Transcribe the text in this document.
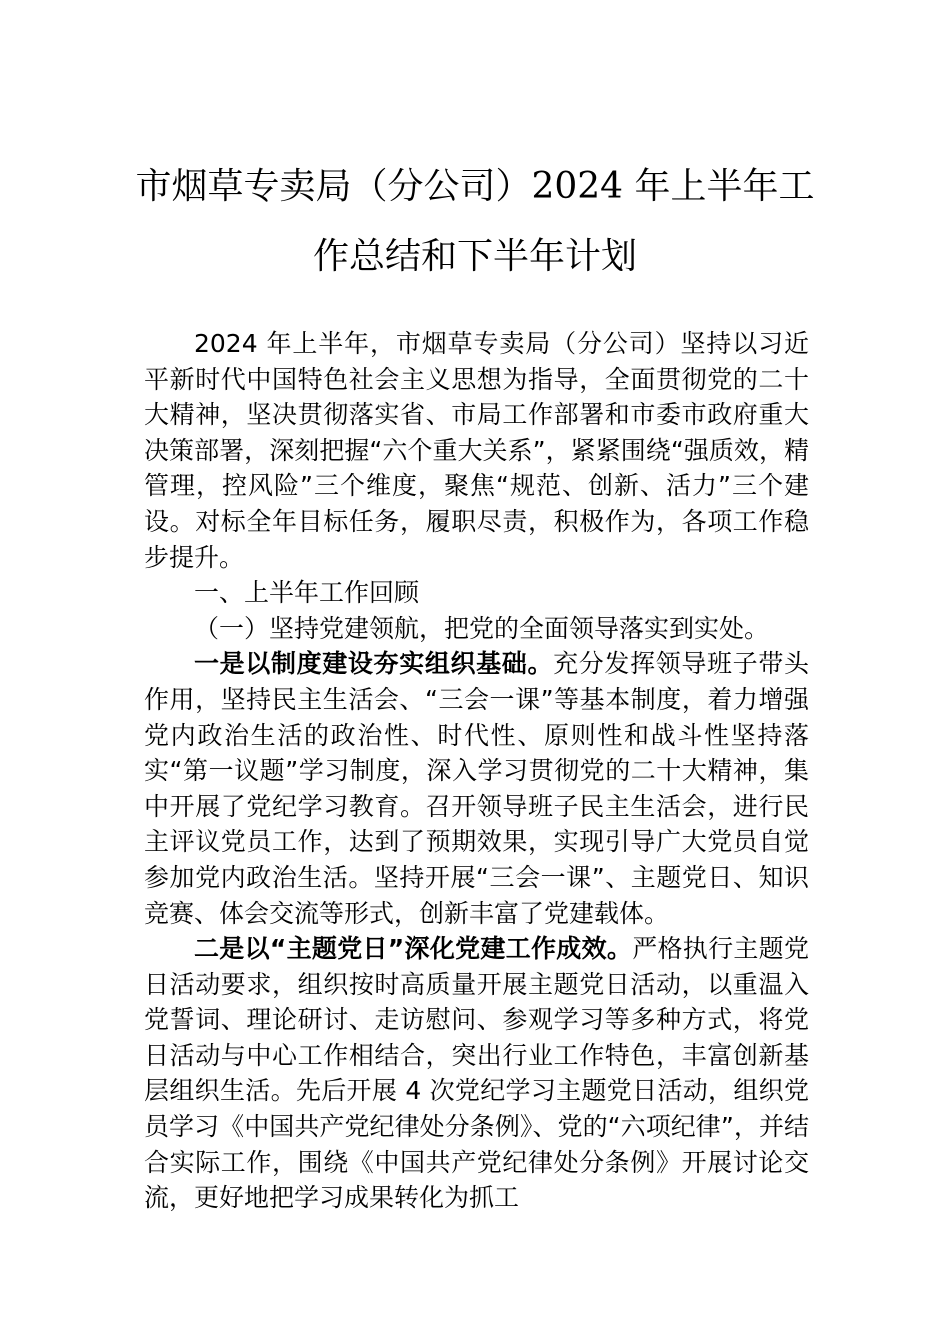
市烟草专卖局（分公司）2024 年上半年工
作总结和下半年计划

2024 年上半年，市烟草专卖局（分公司）坚持以习近平新时代中国特色社会主义思想为指导，全面贯彻党的二十大精神，坚决贯彻落实省、市局工作部署和市委市政府重大决策部署，深刻把握“六个重大关系”，紧紧围绕“强质效，精管理，控风险”三个维度，聚焦“规范、创新、活力”三个建设。对标全年目标任务，履职尽责，积极作为，各项工作稳步提升。

一、上半年工作回顾

（一）坚持党建领航，把党的全面领导落实到实处。

一是以制度建设夯实组织基础。充分发挥领导班子带头作用，坚持民主生活会、“三会一课”等基本制度，着力增强党内政治生活的政治性、时代性、原则性和战斗性坚持落实“第一议题”学习制度，深入学习贯彻党的二十大精神，集中开展了党纪学习教育。召开领导班子民主生活会，进行民主评议党员工作，达到了预期效果，实现引导广大党员自觉参加党内政治生活。坚持开展“三会一课”、主题党日、知识竞赛、体会交流等形式，创新丰富了党建载体。

二是以“主题党日”深化党建工作成效。严格执行主题党日活动要求，组织按时高质量开展主题党日活动，以重温入党誓词、理论研讨、走访慰问、参观学习等多种方式，将党日活动与中心工作相结合，突出行业工作特色，丰富创新基层组织生活。先后开展 4 次党纪学习主题党日活动，组织党员学习《中国共产党纪律处分条例》、党的“六项纪律”，并结合实际工作，围绕《中国共产党纪律处分条例》开展讨论交流，更好地把学习成果转化为抓工
